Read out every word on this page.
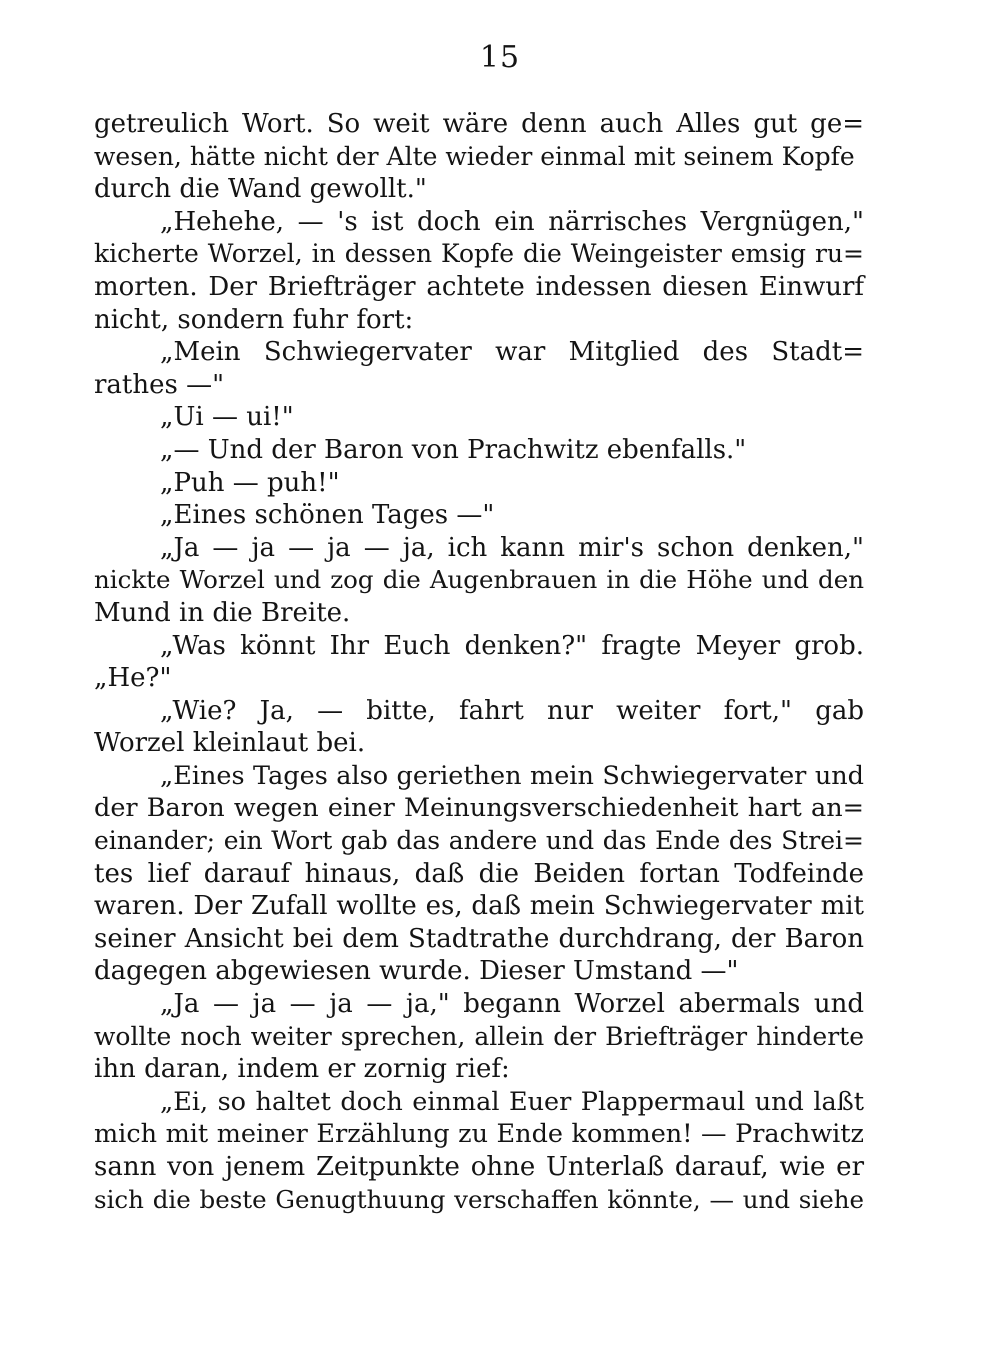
15
getreulich Wort. So weit wäre denn auch Alles gut ge=
wesen, hätte nicht der Alte wieder einmal mit seinem Kopfe
durch die Wand gewollt."
„Hehehe, — 's ist doch ein närrisches Vergnügen,"
kicherte Worzel, in dessen Kopfe die Weingeister emsig ru=
morten. Der Briefträger achtete indessen diesen Einwurf
nicht, sondern fuhr fort:
„Mein Schwiegervater war Mitglied des Stadt=
rathes —"
„Ui — ui!"
„— Und der Baron von Prachwitz ebenfalls."
„Puh — puh!"
„Eines schönen Tages —"
„Ja — ja — ja — ja, ich kann mir's schon denken,"
nickte Worzel und zog die Augenbrauen in die Höhe und den
Mund in die Breite.
„Was könnt Ihr Euch denken?" fragte Meyer grob.
„He?"
„Wie? Ja, — bitte, fahrt nur weiter fort," gab
Worzel kleinlaut bei.
„Eines Tages also geriethen mein Schwiegervater und
der Baron wegen einer Meinungsverschiedenheit hart an=
einander; ein Wort gab das andere und das Ende des Strei=
tes lief darauf hinaus, daß die Beiden fortan Todfeinde
waren. Der Zufall wollte es, daß mein Schwiegervater mit
seiner Ansicht bei dem Stadtrathe durchdrang, der Baron
dagegen abgewiesen wurde. Dieser Umstand —"
„Ja — ja — ja — ja," begann Worzel abermals und
wollte noch weiter sprechen, allein der Briefträger hinderte
ihn daran, indem er zornig rief:
„Ei, so haltet doch einmal Euer Plappermaul und laßt
mich mit meiner Erzählung zu Ende kommen! — Prachwitz
sann von jenem Zeitpunkte ohne Unterlaß darauf, wie er
sich die beste Genugthuung verschaffen könnte, — und siehe
